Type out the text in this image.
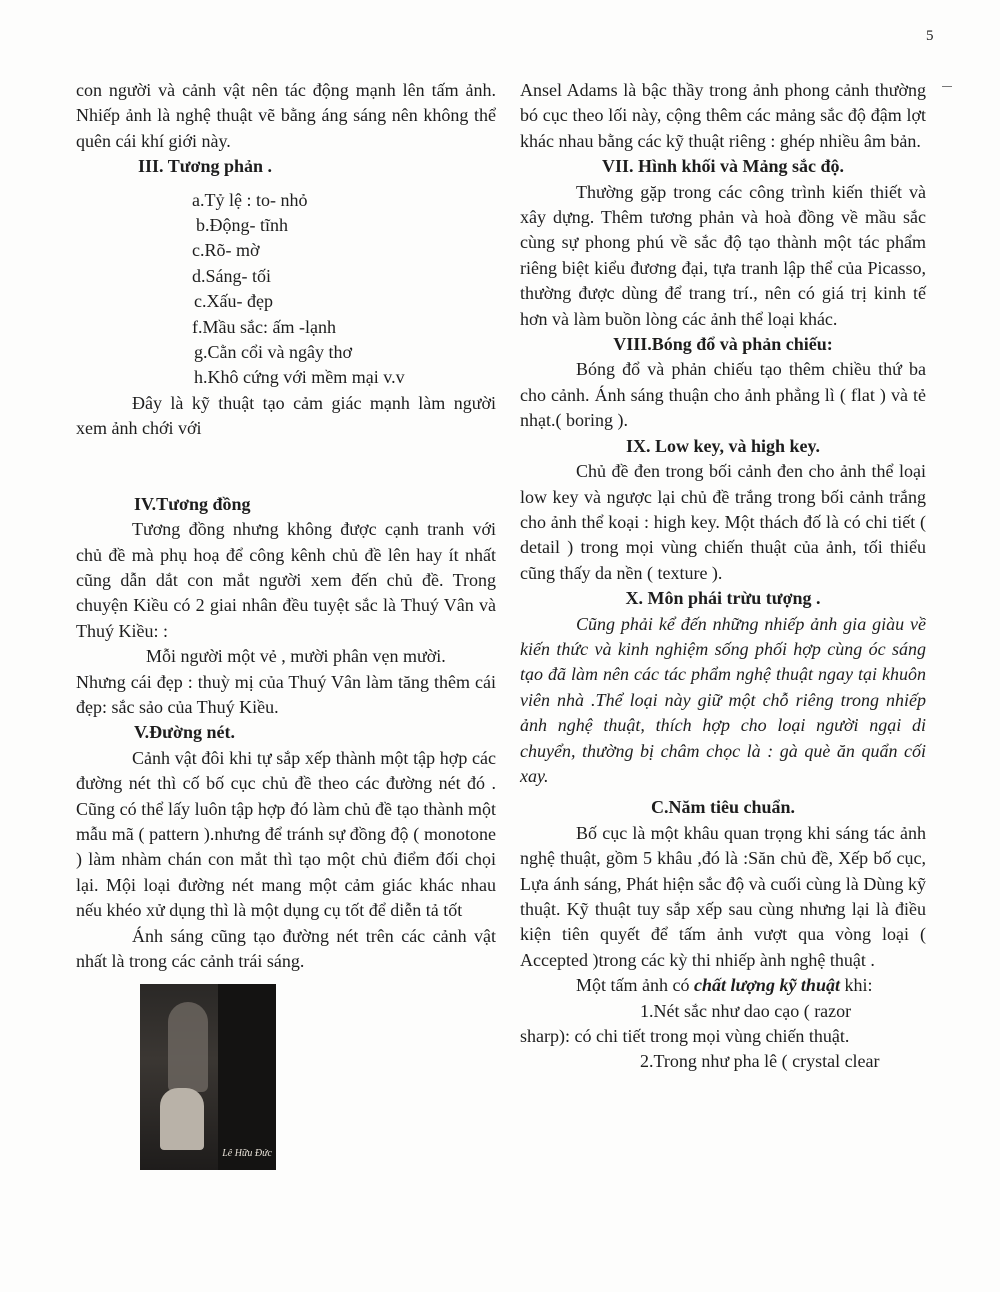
5

con người và cảnh vật nên tác động mạnh lên tấm ảnh. Nhiếp ảnh là nghệ thuật vẽ bằng áng sáng nên không thể quên cái khí giới này.

III. Tương phản .

a.Tỷ lệ : to- nhỏ
b.Động- tĩnh
c.Rõ- mờ
d.Sáng- tối
c.Xấu- đẹp
f.Mầu sắc: ấm -lạnh
g.Cằn cổi và ngây thơ
h.Khô cứng với mềm mại v.v

Đây là kỹ thuật tạo cảm giác mạnh làm người xem ảnh chới với

IV.Tương đồng

Tương đồng nhưng không được cạnh tranh với chủ đề mà phụ hoạ để công kênh chủ đề lên hay ít nhất cũng dẫn dắt con mắt người xem đến chủ đề. Trong chuyện Kiều có 2 giai nhân đều tuyệt sắc là Thuý Vân và Thuý Kiều: :

Mỗi người một vẻ , mười phân vẹn mười.

Nhưng cái đẹp : thuỳ mị của Thuý Vân làm tăng thêm cái đẹp: sắc sảo của Thuý Kiều.

V.Đường nét.

Cảnh vật đôi khi tự sắp xếp thành một tập hợp các đường nét thì cố bố cục chủ đề theo các đường nét đó . Cũng có thể lấy luôn tập hợp đó làm chủ đề tạo thành một mẫu mã ( pattern ).nhưng để tránh sự đồng độ ( monotone ) làm nhàm chán con mắt thì tạo một chủ điểm đối chọi lại. Mội loại đường nét mang một cảm giác khác nhau nếu khéo xử dụng thì là một dụng cụ tốt để diễn tả tốt

Ánh sáng cũng tạo đường nét trên các cảnh vật nhất là trong các cảnh trái sáng.

Lê Hữu Đức

Ansel Adams là bậc thầy trong ảnh phong cảnh thường bó cục theo lối này, cộng thêm các mảng sắc độ đậm lợt khác nhau bằng các kỹ thuật riêng : ghép nhiều âm bản.

VII. Hình khối và Mảng sắc độ.

Thường gặp trong các công trình kiến thiết và xây dựng. Thêm tương phản và hoà đồng về mầu sắc cùng sự phong phú về sắc độ tạo thành một tác phẩm riêng biệt kiểu đương đại, tựa tranh lập thể của Picasso, thường được dùng để trang trí., nên có giá trị kinh tế hơn và làm buồn lòng các ảnh thể loại khác.

VIII.Bóng đổ và phản chiếu:

Bóng đổ và phản chiếu tạo thêm chiều thứ ba cho cảnh. Ánh sáng thuận cho ảnh phẳng lì ( flat ) và tẻ nhạt.( boring ).

IX. Low key, và high key.

Chủ đề đen trong bối cảnh đen cho ảnh thể loại low key và ngược lại chủ đề trắng trong bối cảnh trắng cho ảnh thể koại : high key. Một thách đố là có chi tiết ( detail ) trong mọi vùng chiến thuật của ảnh, tối thiểu cũng thấy da nền ( texture ).

X. Môn phái trừu tượng .

Cũng phải kể đến những nhiếp ảnh gia giàu về kiến thức và kinh nghiệm sống phối hợp cùng óc sáng tạo đã làm nên các tác phẩm nghệ thuật ngay tại khuôn viên nhà .Thể loại này giữ một chỗ riêng trong nhiếp ảnh nghệ thuật, thích hợp cho loại người ngại di chuyển, thường bị châm chọc là : gà què ăn quẩn cối xay.

C.Năm tiêu chuẩn.

Bố cục là một khâu quan trọng khi sáng tác ảnh nghệ thuật, gồm 5 khâu ,đó là :Săn chủ đề, Xếp bố cục, Lựa ánh sáng, Phát hiện sắc độ và cuối cùng là Dùng kỹ thuật. Kỹ thuật tuy sắp xếp sau cùng nhưng lại là điều kiện tiên quyết để tấm ảnh vượt qua vòng loại ( Accepted )trong các kỳ thi nhiếp ành nghệ thuật .

Một tấm ảnh có chất lượng kỹ thuật khi:

1.Nét sắc như dao cạo ( razor

sharp): có chi tiết trong mọi vùng chiến thuật.

2.Trong như pha lê ( crystal clear
